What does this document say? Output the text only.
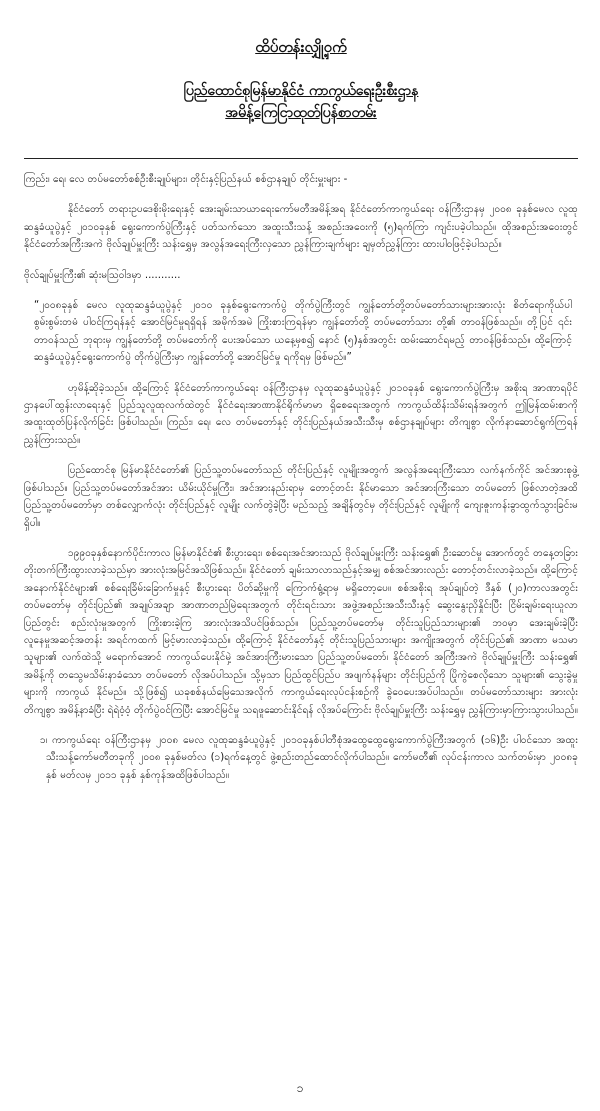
ထိပ်တန်းလျှို့ဝှက်
ပြည်ထောင်စုမြန်မာနိုင်ငံ ကာကွယ်ရေးဦးစီးဌာန
အမိန့်ကြေငြာထုတ်ပြန်စာတမ်း

ကြည်း၊ ရေ၊ လေ တပ်မတော်စစ်ဦးစီးချုပ်များ၊ တိုင်းနှင့်ပြည်နယ် စစ်ဌာနချုပ် တိုင်းမှူးများ -

နိုင်ငံတော် တရားဥပဒေစိုးမိုးရေးနှင့် အေးချမ်းသာယာရေးကော်မတီအမိန့်အရ နိုင်ငံတော်ကာကွယ်ရေး ဝန်ကြီးဌာနမှ ၂၀၀၈ ခုနှစ်မေလ လူထုဆန္ဒခံယူပွဲနှင့် ၂၀၁၀ခုနှစ် ရွေးကောက်ပွဲကြီးနှင့် ပတ်သက်သော အထူးသီးသန့် အစည်းအဝေးကို (၅)ရက်ကြာ ကျင်းပခဲ့ပါသည်။ ထိုအစည်းအဝေးတွင် နိုင်ငံတော်အကြီးအကဲ ဗိုလ်ချုပ်မှူးကြီး သန်းရွှေမှ အလွန်အရေးကြီးလှသော ညွှန်ကြားချက်များ ချမှတ်ညွှန်ကြား ထားပါဝဖြင့်ခဲ့ပါသည်။

ဗိုလ်ချုပ်မှူးကြီး၏ ဆုံးမသြဝါဒမှာ ...........

“၂၀၀၈ခုနှစ် မေလ လူထုဆန္ဒခံယူပွဲနှင့် ၂၀၁၀ ခုနှစ်ရွေးကောက်ပွဲ တိုက်ပွဲကြီးတွင် ကျွန်တော်တို့တပ်မတော်သားများအားလုံး စိတ်ရောကိုယ်ပါ စွမ်းစွမ်းတမံ ပါဝင်ကြရန်နှင့် အောင်မြင်မှုရရှိရန် အမိုက်အမဲ ကြိုးစားကြရန်မှာ ကျွန်တော်တို့ တပ်မတော်သား တို့၏ တာဝန်ဖြစ်သည်။ တို့ပြင် ၎င်းတာဝန်သည် ဘုရားမှ ကျွန်တော်တို့ တပ်မတော်ကို ပေးအပ်သော ယနေ့မှစ၍ နောင် (၅)နှစ်အတွင်း ထမ်းဆောင်ရမည့် တာဝန်ဖြစ်သည်။ ထို့ကြောင့် ဆန္ဒခံယူပွဲနှင့်ရွေးကောက်ပွဲ တိုက်ပွဲကြီးမှာ ကျွန်တော်တို့ အောင်မြင်မှု ရကိုရမှ ဖြစ်မည်။”

ဟုမိန့်ဆိုခဲ့သည်။ ထို့ကြောင့် နိုင်ငံတော်ကာကွယ်ရေး ဝန်ကြီးဌာနမှ လူထုဆန္ဒခံယူပွဲနှင့် ၂၀၁၀ခုနှစ် ရွေးကောက်ပွဲကြီးမှ အစိုးရ အာဏာရပိုင်ဌာနပေါ်ထွန်းလာရေးနှင့် ပြည်သူလူထုလက်ထဲတွင် နိုင်ငံရေးအာဏာနိုင်ရိုက်မာမာ ရှိစေရေးအတွက် ကာကွယ်ထိန်းသိမ်းရန်အတွက် ဤမြန်ထမ်းစာကို အထူးထုတ်ပြန်လိုက်ခြင်း ဖြစ်ပါသည်။ ကြည်း၊ ရေ၊ လေ တပ်မတော်နှင့် တိုင်းပြည်နယ်အသီးသီးမှ စစ်ဌာနချုပ်များ တိကျစွာ လိုက်နာဆောင်ရွက်ကြရန် ညွှန်ကြားသည်။

ပြည်ထောင်စု မြန်မာနိုင်ငံတော်၏ ပြည်သူ့တပ်မတော်သည် တိုင်းပြည်နှင့် လူမျိုးအတွက် အလွန်အရေးကြီးသော လက်နက်ကိုင် အင်အားစုဖွဲ့ဖြစ်ပါသည်။ ပြည်သူ့တပ်မတော်အင်အား ယိမ်းယိုင်မှုကြီး၊ အင်အားနည်းရာမှ တောင့်တင်း နိုင်မာသော အင်အားကြီးသော တပ်မတော် ဖြစ်လာတဲ့အထိ ပြည်သူ့တပ်မတော်မှာ တစ်လျှောက်လုံး တိုင်းပြည်နှင့် လူမျိုး လက်တွဲခဲ့ပြီး မည်သည့် အချိန်တွင်မှ တိုင်းပြည်နှင့် လူမျိုးကို ကျေးဇူးကန်းခွာထွက်သွားခြင်းမရှိပါ။

၁၉၉၀ခုနှစ်နောက်ပိုင်းကာလ မြန်မာနိုင်ငံ၏ စီးပွားရေး၊ စစ်ရေးအင်အားသည် ဗိုလ်ချုပ်မှူးကြီး သန်းရွှေ၏ ဦးဆောင်မှု အောက်တွင် တနေ့တခြား တိုးတက်ကြီးထွားလာခဲ့သည်မှာ အားလုံးအမြင်အသိဖြစ်သည်။ နိုင်ငံတော် ချမ်းသာလာသည်နှင့်အမျှ စစ်အင်အားလည်း တောင့်တင်းလာခဲ့သည်။ ထို့ကြောင့် အနောက်နိုင်ငံများ၏ စစ်ရေးခြိမ်းခြောက်မှုနှင့် စီးပွားရေး ပိတ်ဆို့မှုကို ကြောက်ရွံ့ရာမှ မရှိတော့ပေ။ စစ်အစိုးရ အုပ်ချုပ်တဲ့ ဒီနှစ် (၂၀)ကာလအတွင်း တပ်မတော်မှ တိုင်းပြည်၏ အချုပ်အချာ အာဏာတည်မြဲရေးအတွက် တိုင်းရင်းသား အဖွဲ့အစည်းအသီးသီးနှင့် ဆွေးနွေးညှိနှိုင်းပြီး ငြိမ်းချမ်းရေးယူလာ ပြည်တွင်း စည်းလုံးမှုအတွက် ကြိုးစားခဲ့ကြ အားလုံးအသိပင်ဖြစ်သည်။ ပြည်သူ့တပ်မတော်မှ တိုင်းသူပြည်သားများ၏ ဘဝမှာ အေးချမ်းခဲ့ပြီး လူနေမှုအဆင့်အတန်း အရင်ကထက် မြင့်မားလာခဲ့သည်။ ထို့ကြောင့် နိုင်ငံတော်နှင့် တိုင်းသူပြည်သားများ အကျိုးအတွက် တိုင်းပြည်၏ အာဏာ မသမာသူများ၏ လက်ထဲသို့ မရောက်အောင် ကာကွယ်ပေးနိုင်မှဲ့ အင်အားကြီးမားသော ပြည်သူ့တပ်မတော်၊ နိုင်ငံတော် အကြီးအကဲ ဗိုလ်ချုပ်မှူးကြီး သန်းရွှေ၏ အမိန့်ကို တသွေမသိမ်းနာခံသော တပ်မတော် လိုအပ်ပါသည်။ သို့မှသာ ပြည်ထွင်ပြည်ပ အဖျက်နန်များ တိုင်းပြည်ကို ပြိုကွဲစေလိုသော သူများ၏ သွေးခွဲမှုများကို ကာကွယ် နိုင်မည်။ သို့ဖြစ်၍ ယခုစစ်နယ်မြေသေအလိုက် ကာကွယ်ရေးလုပ်ငန်းစဉ်ကို ခွဲဝေပေးအပ်ပါသည်။ တပ်မတော်သားများ အားလုံး တိကျစွာ အမိန့်နာခံပြီး ရဲရဲဝံ့ဝံ့ တိုက်ပွဲဝင်ကြပြီး အောင်မြင်မှု သရဖူဆောင်းနိုင်ရန် လိုအပ်ကြောင်း ဗိုလ်ချုပ်မှူးကြီး သန်းရွှေမှ ညွှန်ကြားမှာကြားသွားပါသည်။

၁၊ ကာကွယ်ရေး ဝန်ကြီးဌာနမှ ၂၀၀၈ မေလ လူထုဆန္ဒခံယူပွဲနှင့် ၂၀၁၀ခုနှစ်ပါတီစုံအထွေထွေရွေးကောက်ပွဲကြီးအတွက် (၁၆)ဦး ပါဝင်သော အထူးသီးသန့်ကော်မတီတခုကို ၂၀၀၈ ခုနှစ်မတ်လ (၁)ရက်နေ့တွင် ဖွဲ့စည်းတည်ထောင်လိုက်ပါသည်။ ကော်မတီ၏ လုပ်ငန်းကာလ သက်တမ်းမှာ ၂၀၀၈ခုနှစ် မတ်လမှ ၂၀၁၁ ခုနှစ် နှစ်ကုန်အထိဖြစ်ပါသည်။

၁
